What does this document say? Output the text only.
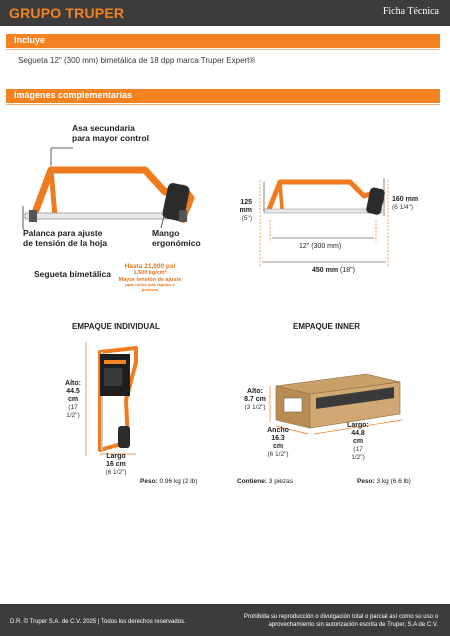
GRUPO TRUPER	Ficha Técnica
Incluye
Segueta 12" (300 mm) bimetálica de 18 dpp marca Truper Expert®
Imágenes complementarias
Asa secundaria
para mayor control
Palanca para ajuste
de tensión de la hoja
Mango
ergonómico
Segueta bimetálica
Hasta 21,000 psi
1,500 kg/cm²
Mayor tensión de ajuste
para cortes más rápidos y precisos
125 mm
(5")
160 mm
(6 1/4")
12" (300 mm)
450 mm (18")
EMPAQUE INDIVIDUAL	EMPAQUE INNER
Alto:
44.5 cm
(17 1/2")
Largo
16 cm
(6 1/2")
Peso: 0.96 kg (2 lb)
Alto:
8.7 cm
(3 1/2")
Ancho
16.3 cm
(6 1/2")
Largo:
44.8 cm
(17 1/2")
Contiene: 3 piezas	Peso: 3 kg (6.6 lb)
D.R. © Truper S.A. de C.V. 2025 | Todos los derechos reservados.
Prohibida su reproducción o divulgación total o parcial así como su uso o
aprovechamiento sin autorización escrita de Truper, S.A de C.V.
